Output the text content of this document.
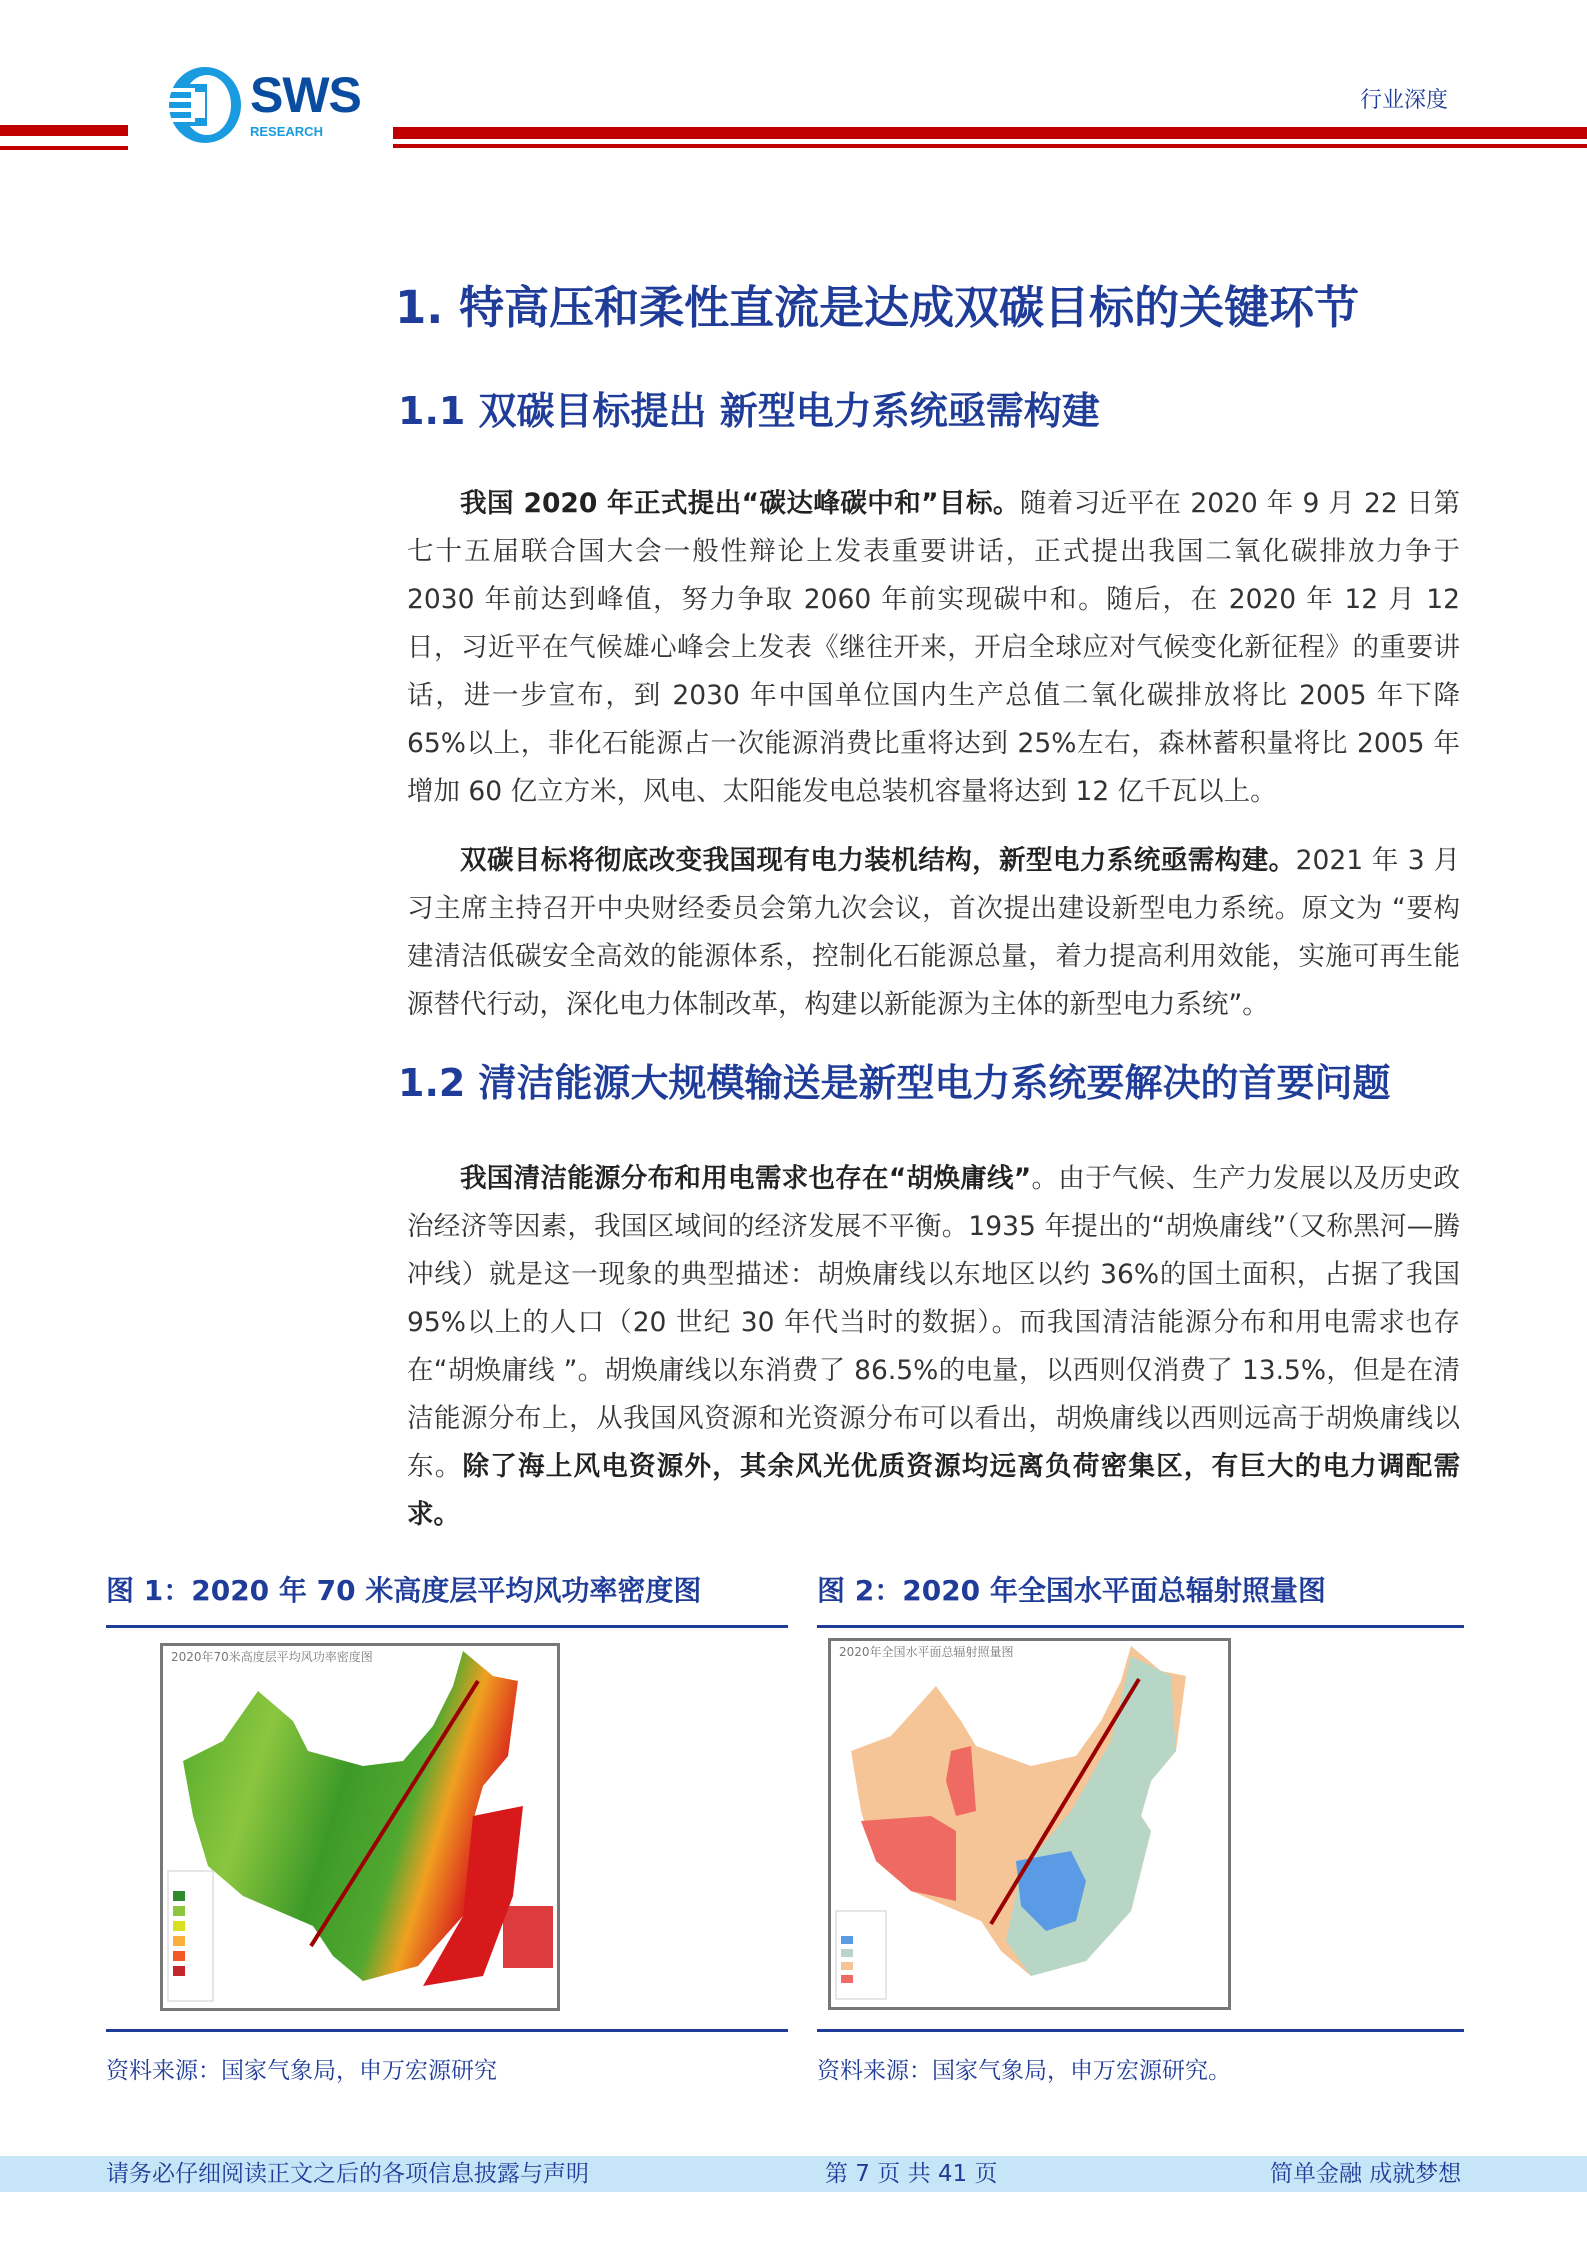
SWS
RESEARCH
行业深度
1. 特高压和柔性直流是达成双碳目标的关键环节
1.1 双碳目标提出 新型电力系统亟需构建

我国 2020 年正式提出“碳达峰碳中和”目标。随着习近平在 2020 年 9 月 22 日第七十五届联合国大会一般性辩论上发表重要讲话，正式提出我国二氧化碳排放力争于 2030 年前达到峰值，努力争取 2060 年前实现碳中和。随后，在 2020 年 12 月 12 日，习近平在气候雄心峰会上发表《继往开来，开启全球应对气候变化新征程》的重要讲话，进一步宣布，到 2030 年中国单位国内生产总值二氧化碳排放将比 2005 年下降 65%以上，非化石能源占一次能源消费比重将达到 25%左右，森林蓄积量将比 2005 年增加 60 亿立方米，风电、太阳能发电总装机容量将达到 12 亿千瓦以上。

双碳目标将彻底改变我国现有电力装机结构，新型电力系统亟需构建。2021 年 3 月习主席主持召开中央财经委员会第九次会议，首次提出建设新型电力系统。原文为 “要构建清洁低碳安全高效的能源体系，控制化石能源总量，着力提高利用效能，实施可再生能源替代行动，深化电力体制改革，构建以新能源为主体的新型电力系统”。

1.2 清洁能源大规模输送是新型电力系统要解决的首要问题

我国清洁能源分布和用电需求也存在“胡焕庸线”。由于气候、生产力发展以及历史政治经济等因素，我国区域间的经济发展不平衡。1935 年提出的“胡焕庸线”（又称黑河—腾冲线）就是这一现象的典型描述：胡焕庸线以东地区以约 36%的国土面积，占据了我国 95%以上的人口（20 世纪 30 年代当时的数据）。而我国清洁能源分布和用电需求也存在“胡焕庸线 ”。胡焕庸线以东消费了 86.5%的电量，以西则仅消费了 13.5%，但是在清洁能源分布上，从我国风资源和光资源分布可以看出，胡焕庸线以西则远高于胡焕庸线以东。除了海上风电资源外，其余风光优质资源均远离负荷密集区，有巨大的电力调配需求。

图 1：2020 年 70 米高度层平均风功率密度图
2020年70米高度层平均风功率密度图
资料来源：国家气象局，申万宏源研究
图 2：2020 年全国水平面总辐射照量图
2020年全国水平面总辐射照量图
资料来源：国家气象局，申万宏源研究。
请务必仔细阅读正文之后的各项信息披露与声明	第 7 页 共 41 页	简单金融 成就梦想
